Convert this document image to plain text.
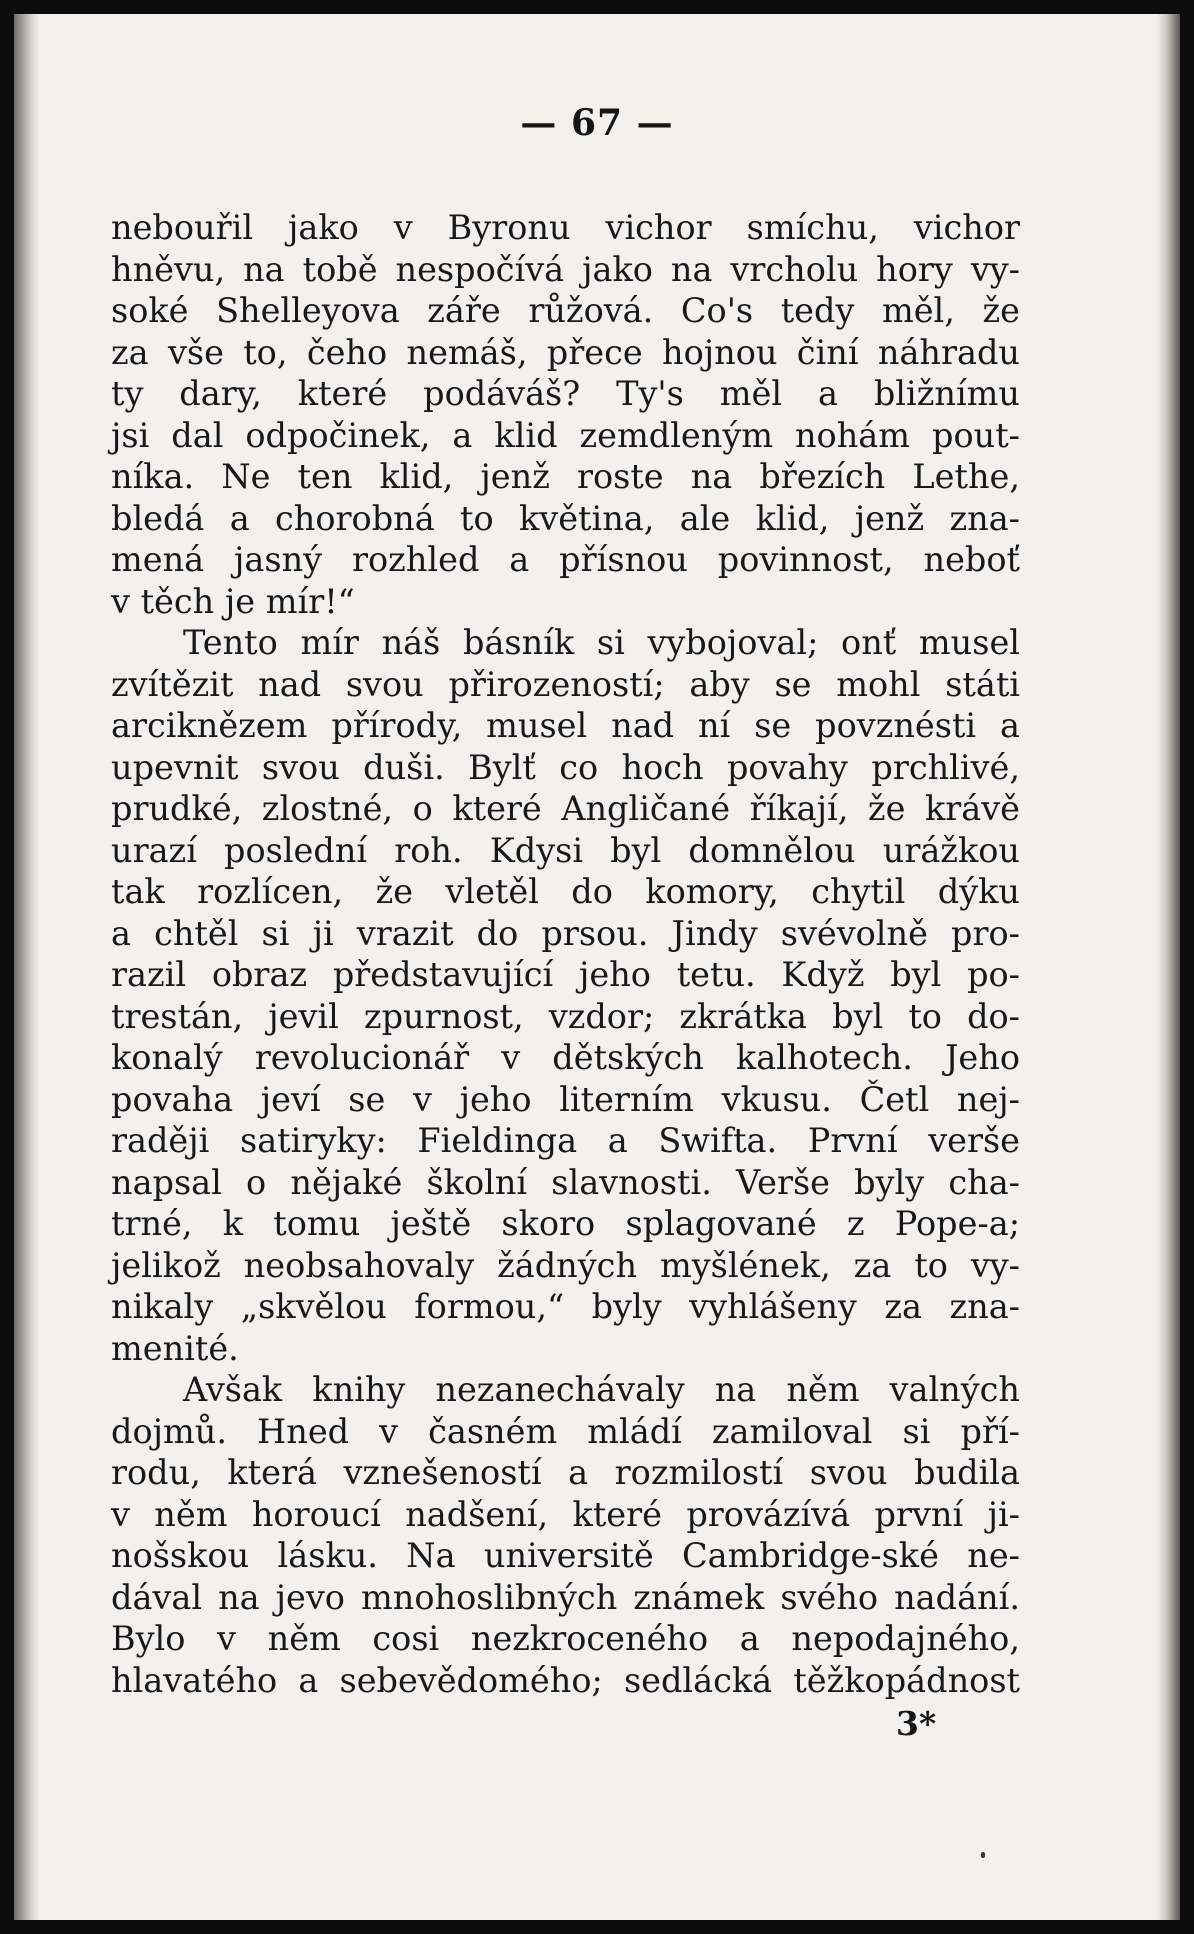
— 67 —
nebouřil jako v Byronu vichor smíchu, vichor
hněvu, na tobě nespočívá jako na vrcholu hory vy-
soké Shelleyova záře růžová. Co's tedy měl, že
za vše to, čeho nemáš, přece hojnou činí náhradu
ty dary, které podáváš? Ty's měl a bližnímu
jsi dal odpočinek, a klid zemdleným nohám pout-
níka. Ne ten klid, jenž roste na březích Lethe,
bledá a chorobná to květina, ale klid, jenž zna-
mená jasný rozhled a přísnou povinnost, neboť
v těch je mír!“
Tento mír náš básník si vybojoval; onť musel
zvítězit nad svou přirozeností; aby se mohl státi
arciknězem přírody, musel nad ní se povznésti a
upevnit svou duši. Bylť co hoch povahy prchlivé,
prudké, zlostné, o které Angličané říkají, že krávě
urazí poslední roh. Kdysi byl domnělou urážkou
tak rozlícen, že vletěl do komory, chytil dýku
a chtěl si ji vrazit do prsou. Jindy svévolně pro-
razil obraz představující jeho tetu. Když byl po-
trestán, jevil zpurnost, vzdor; zkrátka byl to do-
konalý revolucionář v dětských kalhotech. Jeho
povaha jeví se v jeho literním vkusu. Četl nej-
raději satiryky: Fieldinga a Swifta. První verše
napsal o nějaké školní slavnosti. Verše byly cha-
trné, k tomu ještě skoro splagované z Pope-a;
jelikož neobsahovaly žádných myšlének, za to vy-
nikaly „skvělou formou,“ byly vyhlášeny za zna-
menité.
Avšak knihy nezanechávaly na něm valných
dojmů. Hned v časném mládí zamiloval si pří-
rodu, která vznešeností a rozmilostí svou budila
v něm horoucí nadšení, které provázívá první ji-
nošskou lásku. Na universitě Cambridge-ské ne-
dával na jevo mnohoslibných známek svého nadání.
Bylo v něm cosi nezkroceného a nepodajného,
hlavatého a sebevědomého; sedlácká těžkopádnost
3*
